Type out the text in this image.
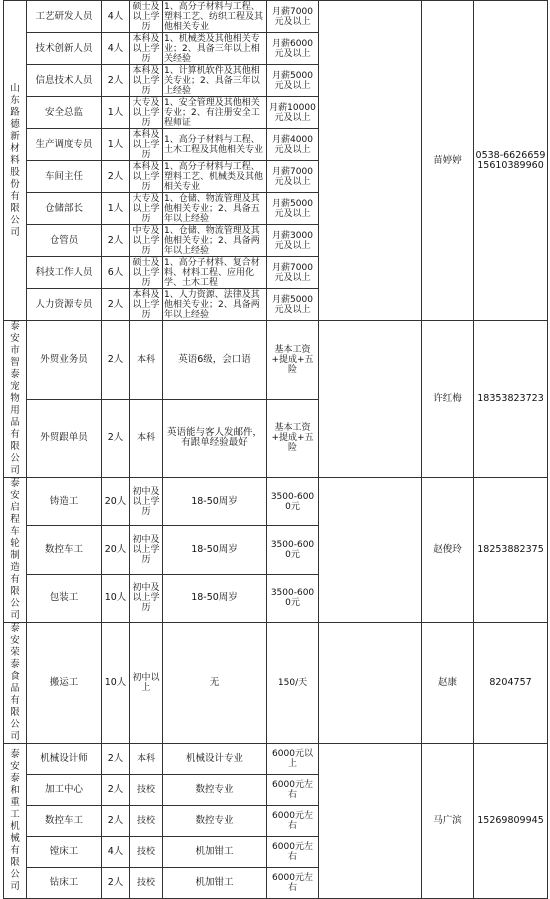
山东路德新材料股份有限公司	工艺研发人员	4人	硕士及以上学历	1、高分子材料与工程、塑料工艺、纺织工程及其他相关专业	月薪7000元及以上		苗婷婷	0538-6626659 15610389960
	技术创新人员	4人	本科及以上学历	1、机械类及其他相关专业；2、具备三年以上相关经验	月薪6000元及以上			
	信息技术人员	2人	本科及以上学历	1、计算机软件及其他相关专业；2、具备三年以上经验	月薪5000元及以上			
	安全总监	1人	大专及以上学历	1、安全管理及其他相关专业；2、有注册安全工程师证	月薪10000元及以上			
	生产调度专员	1人	本科及以上学历	1、高分子材料与工程、土木工程及其他相关专业	月薪4000元及以上			
	车间主任	2人	本科及以上学历	1、高分子材料与工程、塑料工艺、机械类及其他相关专业	月薪7000元及以上			
	仓储部长	1人	大专及以上学历	1、仓储、物流管理及其他相关专业；2、具备五年以上经验	月薪5000元及以上			
	仓管员	2人	中专及以上学历	1、仓储、物流管理及其他相关专业；2、具备两年以上经验	月薪3000元及以上			
	科技工作人员	6人	硕士及以上学历	1、高分子材料、复合材料、材料工程、应用化学、土木工程	月薪7000元及以上			
	人力资源专员	2人	本科及以上学历	1、人力资源、法律及其他相关专业；2、具备两年以上经验	月薪5000元及以上			
泰安市智泰宠物用品有限公司	外贸业务员	2人	本科	英语6级，会口语	基本工资+提成+五险		许红梅	18353823723
	外贸跟单员	2人	本科	英语能与客人发邮件，有跟单经验最好	基本工资+提成+五险			
泰安启程车轮制造有限公司	铸造工	20人	初中及以上学历	18-50周岁	3500-6000元		赵俊玲	18253882375
	数控车工	20人	初中及以上学历	18-50周岁	3500-6000元			
	包装工	10人	初中及以上学历	18-50周岁	3500-6000元			
泰安荣泰食品有限公司	搬运工	10人	初中以上	无	150/天		赵康	8204757
泰安泰和重工机械有限公司	机械设计师	2人	本科	机械设计专业	6000元以上		马广滨	15269809945
	加工中心	2人	技校	数控专业	6000元左右			
	数控车工	2人	技校	数控专业	6000元左右			
	镗床工	4人	技校	机加钳工	6000元左右			
	钻床工	2人	技校	机加钳工	6000元左右			
